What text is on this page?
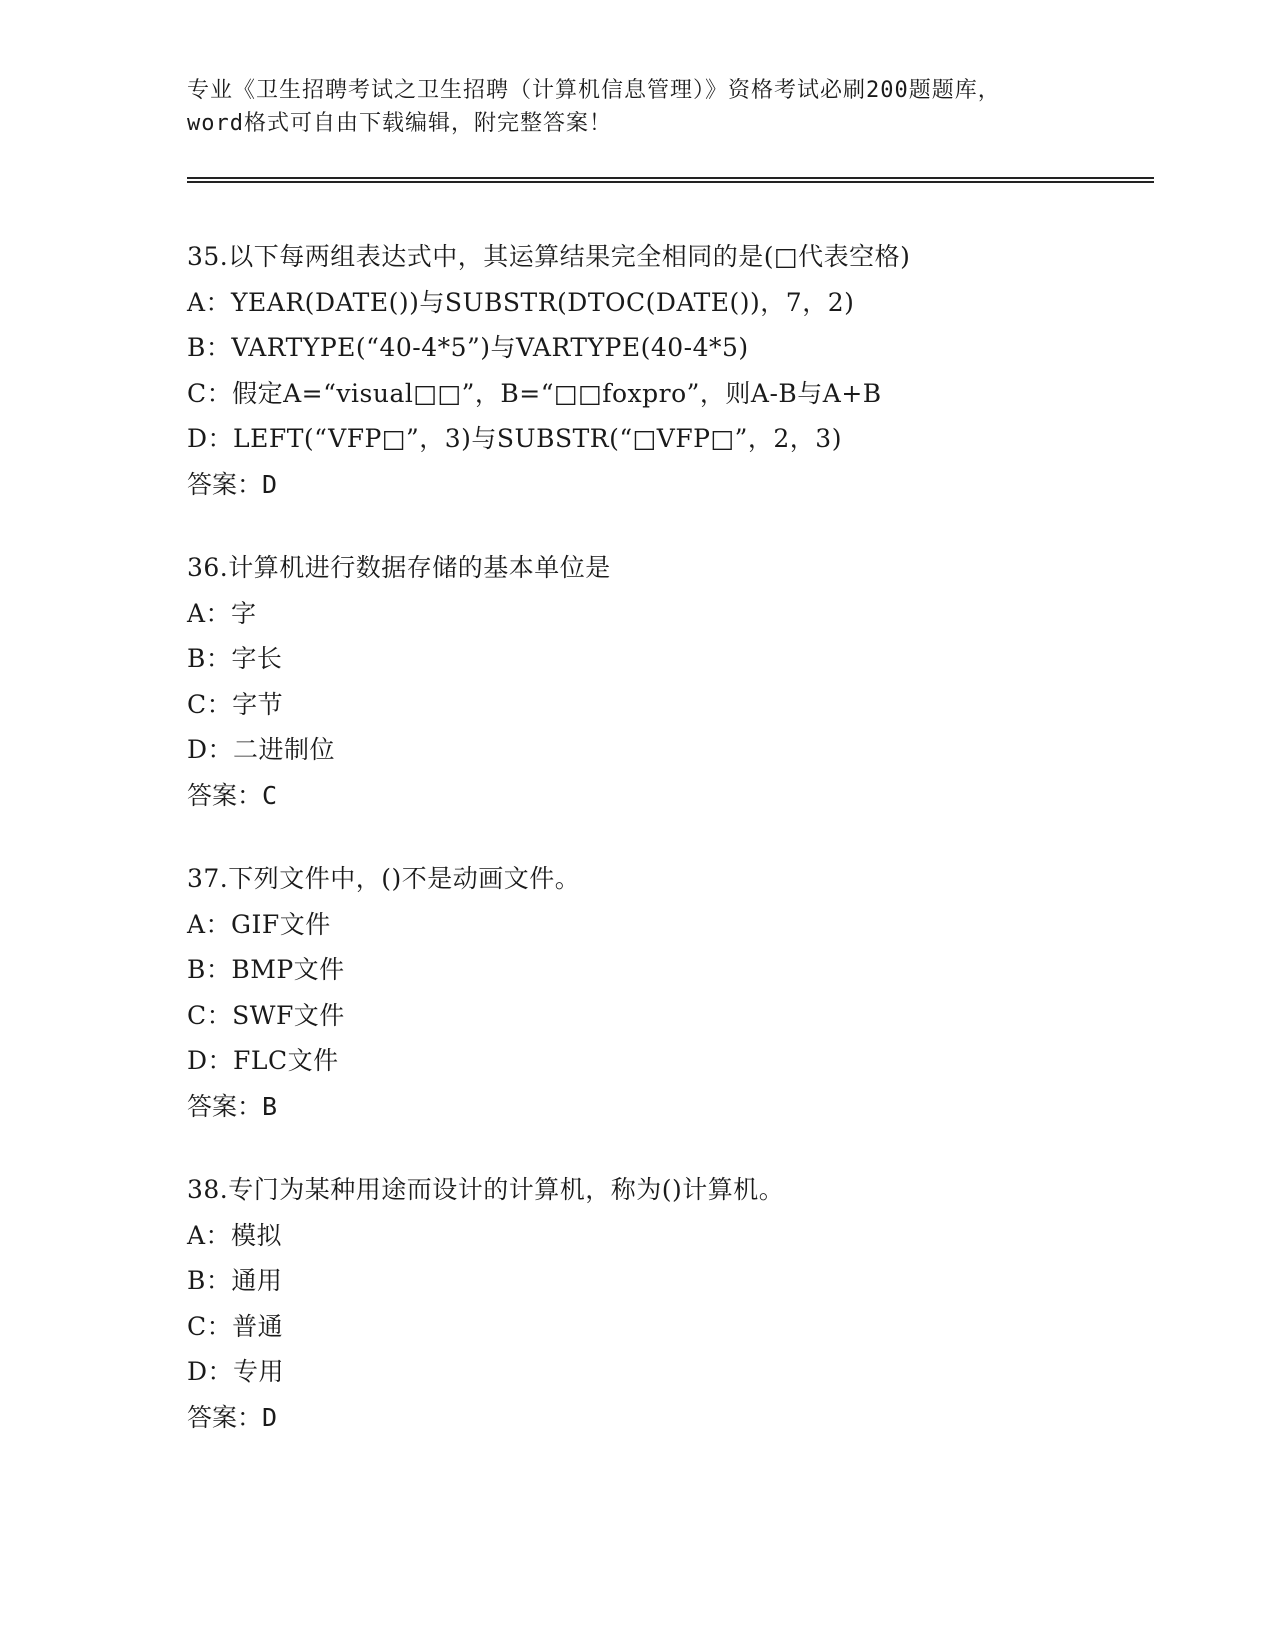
专业《卫生招聘考试之卫生招聘（计算机信息管理）》资格考试必刷200题题库，
word格式可自由下载编辑，附完整答案！
35.以下每两组表达式中，其运算结果完全相同的是(□代表空格)
A：YEAR(DATE())与SUBSTR(DTOC(DATE())，7，2)
B：VARTYPE(“40-4*5”)与VARTYPE(40-4*5)
C：假定A=“visual□□”，B=“□□foxpro”，则A-B与A+B
D：LEFT(“VFP□”，3)与SUBSTR(“□VFP□”，2，3)
答案：D
36.计算机进行数据存储的基本单位是
A：字
B：字长
C：字节
D：二进制位
答案：C
37.下列文件中，()不是动画文件。
A：GIF文件
B：BMP文件
C：SWF文件
D：FLC文件
答案：B
38.专门为某种用途而设计的计算机，称为()计算机。
A：模拟
B：通用
C：普通
D：专用
答案：D
